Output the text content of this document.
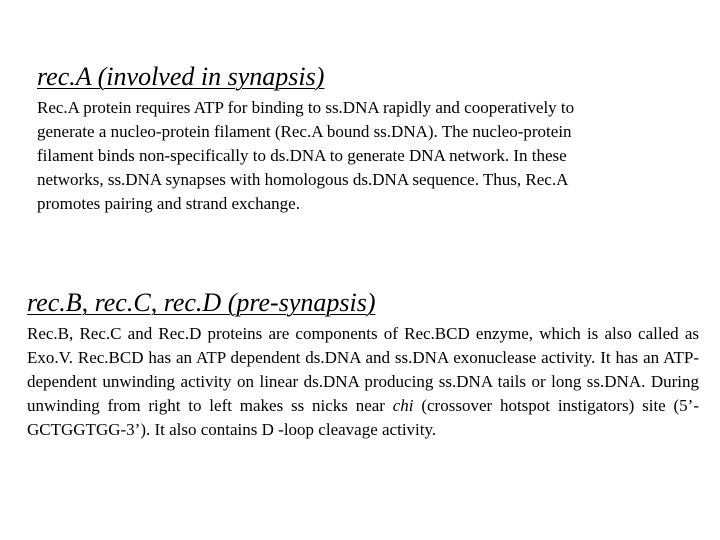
rec.A (involved in synapsis)

Rec.A protein requires ATP for binding to ss.DNA rapidly and cooperatively to
generate a nucleo-protein filament (Rec.A bound ss.DNA). The nucleo-protein
filament binds non-specifically to ds.DNA to generate DNA network. In these
networks, ss.DNA synapses with homologous ds.DNA sequence. Thus, Rec.A
promotes pairing and strand exchange.

rec.B, rec.C, rec.D (pre-synapsis)

Rec.B, Rec.C and Rec.D proteins are components of Rec.BCD enzyme, which is also called as Exo.V. Rec.BCD has an ATP dependent ds.DNA and ss.DNA exonuclease activity. It has an ATP-dependent unwinding activity on linear ds.DNA producing ss.DNA tails or long ss.DNA. During unwinding from right to left makes ss nicks near chi (crossover hotspot instigators) site (5’-GCTGGTGG-3’). It also contains D -loop cleavage activity.
